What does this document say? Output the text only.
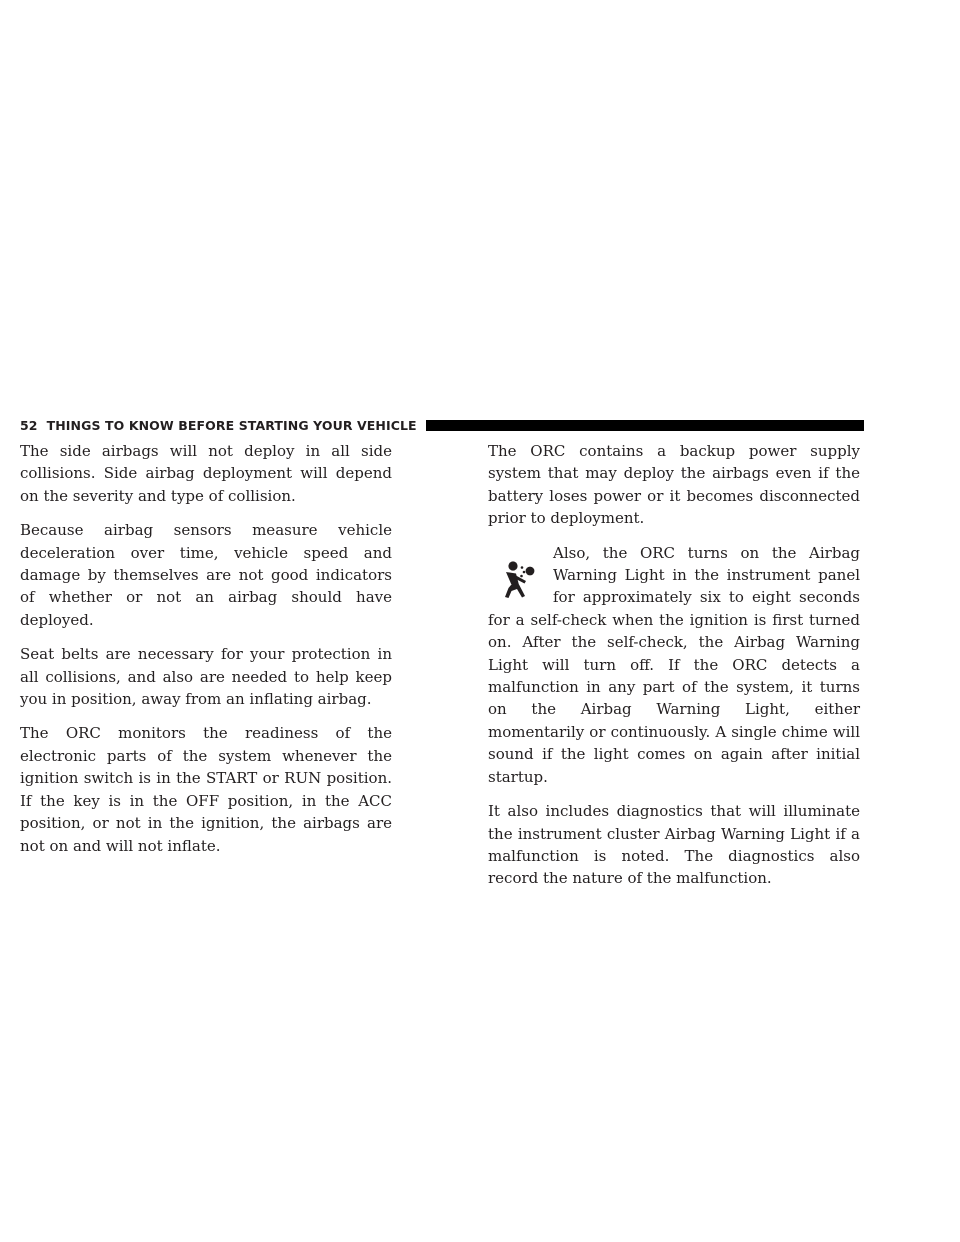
52 THINGS TO KNOW BEFORE STARTING YOUR VEHICLE

The side airbags will not deploy in all side collisions. Side airbag deployment will depend on the severity and type of collision.

Because airbag sensors measure vehicle deceleration over time, vehicle speed and damage by themselves are not good indicators of whether or not an airbag should have deployed.

Seat belts are necessary for your protection in all collisions, and also are needed to help keep you in position, away from an inflating airbag.

The ORC monitors the readiness of the electronic parts of the system whenever the ignition switch is in the START or RUN position. If the key is in the OFF position, in the ACC position, or not in the ignition, the airbags are not on and will not inflate.

The ORC contains a backup power supply system that may deploy the airbags even if the battery loses power or it becomes disconnected prior to deployment.

Also, the ORC turns on the Airbag Warning Light in the instrument panel for approximately six to eight seconds for a self-check when the ignition is first turned on. After the self-check, the Airbag Warning Light will turn off. If the ORC detects a malfunction in any part of the system, it turns on the Airbag Warning Light, either momentarily or continuously. A single chime will sound if the light comes on again after initial startup.

It also includes diagnostics that will illuminate the instrument cluster Airbag Warning Light if a malfunction is noted. The diagnostics also record the nature of the malfunction.
